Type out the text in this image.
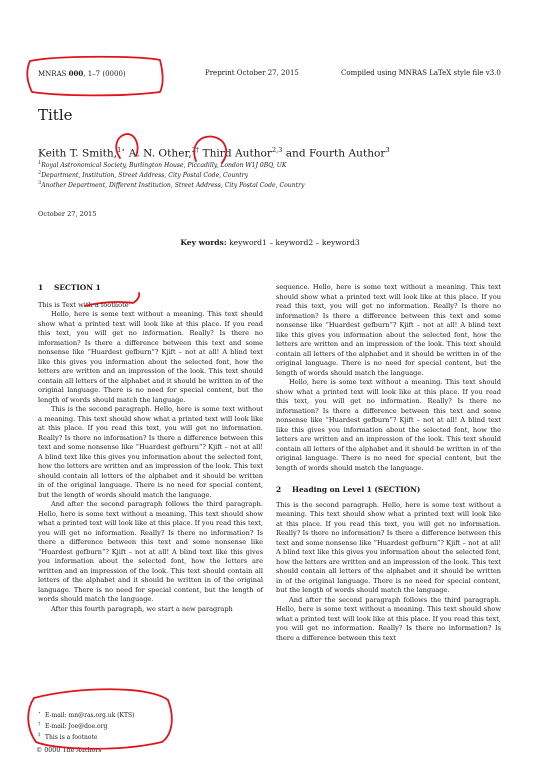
MNRAS 000, 1–7 (0000)	Preprint October 27, 2015	Compiled using MNRAS LaTeX style file v3.0
Title
Keith T. Smith,$^{1⋆}$ A. N. Other,$^{2\dagger}$ Third Author$^{2,3}$ and Fourth Author$^3$
$^1$Royal Astronomical Society, Burlington House, Piccadilly, London W1J 0BQ, UK
$^2$Department, Institution, Street Address, City Postal Code, Country
$^3$Another Department, Different Institution, Street Address, City Postal Code, Country
October 27, 2015
Key words: keyword1 – keyword2 – keyword3
1 SECTION 1

This is Text with a footnote‡

Hello, here is some text without a meaning. This text should show what a printed text will look like at this place. If you read this text, you will get no information. Really? Is there no information? Is there a difference between this text and some nonsense like “Huardest gefburn”? Kjift – not at all! A blind text like this gives you information about the selected font, how the letters are written and an impression of the look. This text should contain all letters of the alphabet and it should be written in of the original language. There is no need for special content, but the length of words should match the language.

This is the second paragraph. Hello, here is some text without a meaning. This text should show what a printed text will look like at this place. If you read this text, you will get no information. Really? Is there no information? Is there a difference between this text and some nonsense like “Huardest gefburn”? Kjift – not at all! A blind text like this gives you information about the selected font, how the letters are written and an impression of the look. This text should contain all letters of the alphabet and it should be written in of the original language. There is no need for special content, but the length of words should match the language.

And after the second paragraph follows the third paragraph. Hello, here is some text without a meaning. This text should show what a printed text will look like at this place. If you read this text, you will get no information. Really? Is there no information? Is there a difference between this text and some nonsense like “Huardest gefburn”? Kjift – not at all! A blind text like this gives you information about the selected font, how the letters are written and an impression of the look. This text should contain all letters of the alphabet and it should be written in of the original language. There is no need for special content, but the length of words should match the language.

After this fourth paragraph, we start a new paragraph

sequence. Hello, here is some text without a meaning. This text should show what a printed text will look like at this place. If you read this text, you will get no information. Really? Is there no information? Is there a difference between this text and some nonsense like “Huardest gefburn”? Kjift – not at all! A blind text like this gives you information about the selected font, how the letters are written and an impression of the look. This text should contain all letters of the alphabet and it should be written in of the original language. There is no need for special content, but the length of words should match the language.

Hello, here is some text without a meaning. This text should show what a printed text will look like at this place. If you read this text, you will get no information. Really? Is there no information? Is there a difference between this text and some nonsense like “Huardest gefburn”? Kjift – not at all! A blind text like this gives you information about the selected font, how the letters are written and an impression of the look. This text should contain all letters of the alphabet and it should be written in of the original language. There is no need for special content, but the length of words should match the language.

2 Heading on Level 1 (SECTION)

This is the second paragraph. Hello, here is some text without a meaning. This text should show what a printed text will look like at this place. If you read this text, you will get no information. Really? Is there no information? Is there a difference between this text and some nonsense like “Huardest gefburn”? Kjift – not at all! A blind text like this gives you information about the selected font, how the letters are written and an impression of the look. This text should contain all letters of the alphabet and it should be written in of the original language. There is no need for special content, but the length of words should match the language.

And after the second paragraph follows the third paragraph. Hello, here is some text without a meaning. This text should show what a printed text will look like at this place. If you read this text, you will get no information. Really? Is there no information? Is there a difference between this text

⋆ E-mail: mn@ras.org.uk (KTS)
† E-mail: Joe@doe.org
‡ This is a footnote
© 0000 The Authors
